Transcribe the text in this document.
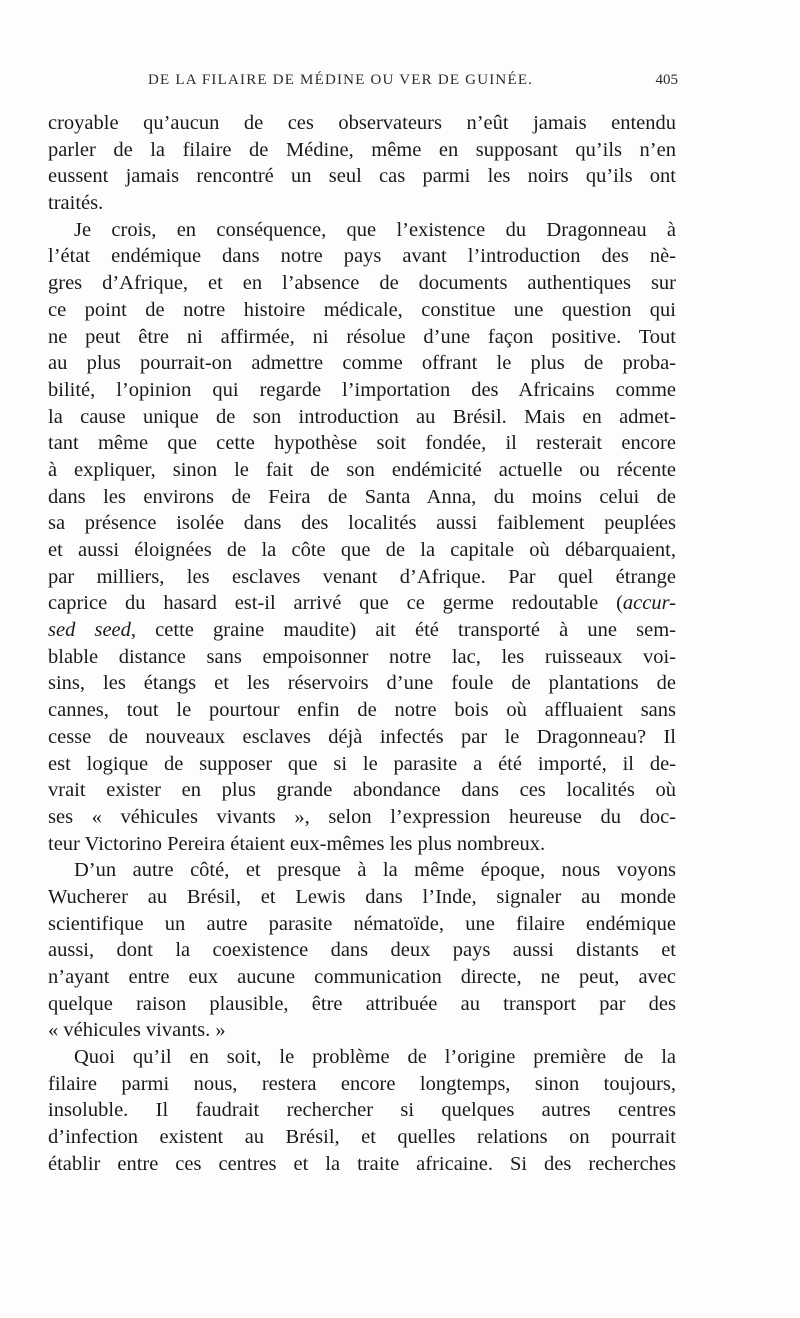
DE LA FILAIRE DE MÉDINE OU VER DE GUINÉE.	405
croyable qu’aucun de ces observateurs n’eût jamais entendu
parler de la filaire de Médine, même en supposant qu’ils n’en
eussent jamais rencontré un seul cas parmi les noirs qu’ils ont
traités.
Je crois, en conséquence, que l’existence du Dragonneau à
l’état endémique dans notre pays avant l’introduction des nè-
gres d’Afrique, et en l’absence de documents authentiques sur
ce point de notre histoire médicale, constitue une question qui
ne peut être ni affirmée, ni résolue d’une façon positive. Tout
au plus pourrait-on admettre comme offrant le plus de proba-
bilité, l’opinion qui regarde l’importation des Africains comme
la cause unique de son introduction au Brésil. Mais en admet-
tant même que cette hypothèse soit fondée, il resterait encore
à expliquer, sinon le fait de son endémicité actuelle ou récente
dans les environs de Feira de Santa Anna, du moins celui de
sa présence isolée dans des localités aussi faiblement peuplées
et aussi éloignées de la côte que de la capitale où débarquaient,
par milliers, les esclaves venant d’Afrique. Par quel étrange
caprice du hasard est-il arrivé que ce germe redoutable (accur-
sed seed, cette graine maudite) ait été transporté à une sem-
blable distance sans empoisonner notre lac, les ruisseaux voi-
sins, les étangs et les réservoirs d’une foule de plantations de
cannes, tout le pourtour enfin de notre bois où affluaient sans
cesse de nouveaux esclaves déjà infectés par le Dragonneau? Il
est logique de supposer que si le parasite a été importé, il de-
vrait exister en plus grande abondance dans ces localités où
ses « véhicules vivants », selon l’expression heureuse du doc-
teur Victorino Pereira étaient eux-mêmes les plus nombreux.
D’un autre côté, et presque à la même époque, nous voyons
Wucherer au Brésil, et Lewis dans l’Inde, signaler au monde
scientifique un autre parasite nématoïde, une filaire endémique
aussi, dont la coexistence dans deux pays aussi distants et
n’ayant entre eux aucune communication directe, ne peut, avec
quelque raison plausible, être attribuée au transport par des
« véhicules vivants. »
Quoi qu’il en soit, le problème de l’origine première de la
filaire parmi nous, restera encore longtemps, sinon toujours,
insoluble. Il faudrait rechercher si quelques autres centres
d’infection existent au Brésil, et quelles relations on pourrait
établir entre ces centres et la traite africaine. Si des recherches
